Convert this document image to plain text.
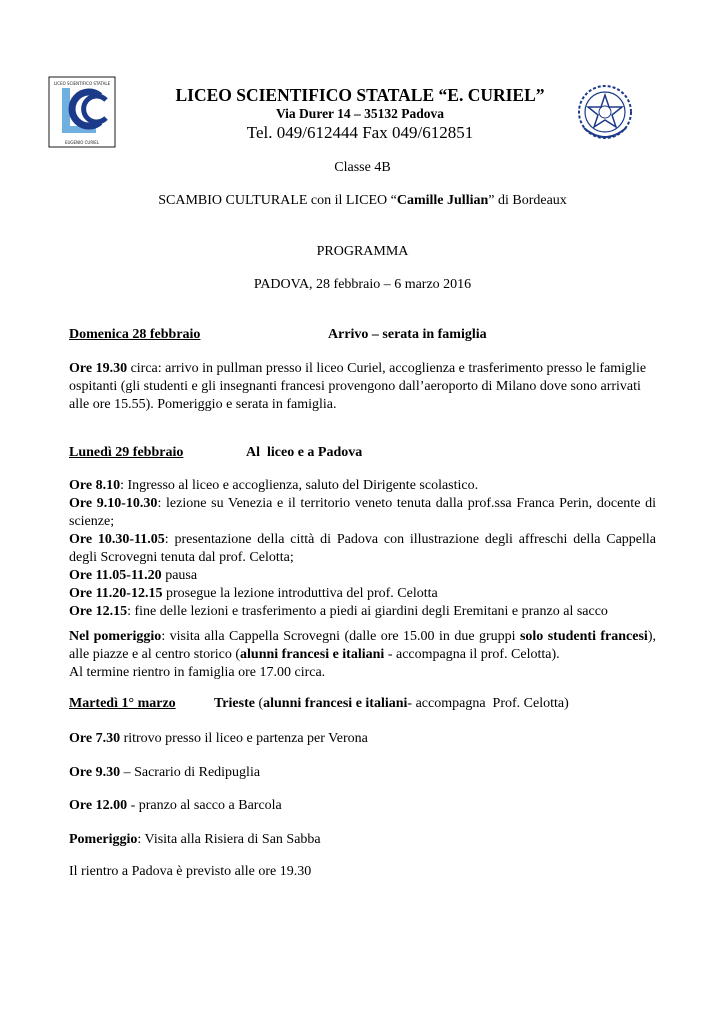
LICEO SCIENTIFICO STATALE
EUGENIO CURIEL
LICEO SCIENTIFICO STATALE “E. CURIEL”
Via Durer 14 – 35132 Padova
Tel. 049/612444 Fax 049/612851
Classe 4B
SCAMBIO CULTURALE con il LICEO “Camille Jullian” di Bordeaux
PROGRAMMA
PADOVA, 28 febbraio – 6 marzo 2016
Domenica 28 febbraio	Arrivo – serata in famiglia
Ore 19.30 circa: arrivo in pullman presso il liceo Curiel, accoglienza e trasferimento presso le famiglie ospitanti (gli studenti e gli insegnanti francesi provengono dall’aeroporto di Milano dove sono arrivati alle ore 15.55). Pomeriggio e serata in famiglia.
Lunedì 29 febbraio	Al  liceo e a Padova
Ore 8.10: Ingresso al liceo e accoglienza, saluto del Dirigente scolastico.
Ore 9.10-10.30: lezione su Venezia e il territorio veneto tenuta dalla prof.ssa Franca Perin, docente di scienze;
Ore 10.30-11.05: presentazione della città di Padova con illustrazione degli affreschi della Cappella degli Scrovegni tenuta dal prof. Celotta;
Ore 11.05-11.20 pausa
Ore 11.20-12.15 prosegue la lezione introduttiva del prof. Celotta
Ore 12.15: fine delle lezioni e trasferimento a piedi ai giardini degli Eremitani e pranzo al sacco
Nel pomeriggio: visita alla Cappella Scrovegni (dalle ore 15.00 in due gruppi solo studenti francesi), alle piazze e al centro storico (alunni francesi e italiani - accompagna il prof. Celotta).
Al termine rientro in famiglia ore 17.00 circa.
Martedì 1° marzo	Trieste (alunni francesi e italiani- accompagna  Prof. Celotta)
Ore 7.30 ritrovo presso il liceo e partenza per Verona
Ore 9.30 – Sacrario di Redipuglia
Ore 12.00 - pranzo al sacco a Barcola
Pomeriggio: Visita alla Risiera di San Sabba
Il rientro a Padova è previsto alle ore 19.30
